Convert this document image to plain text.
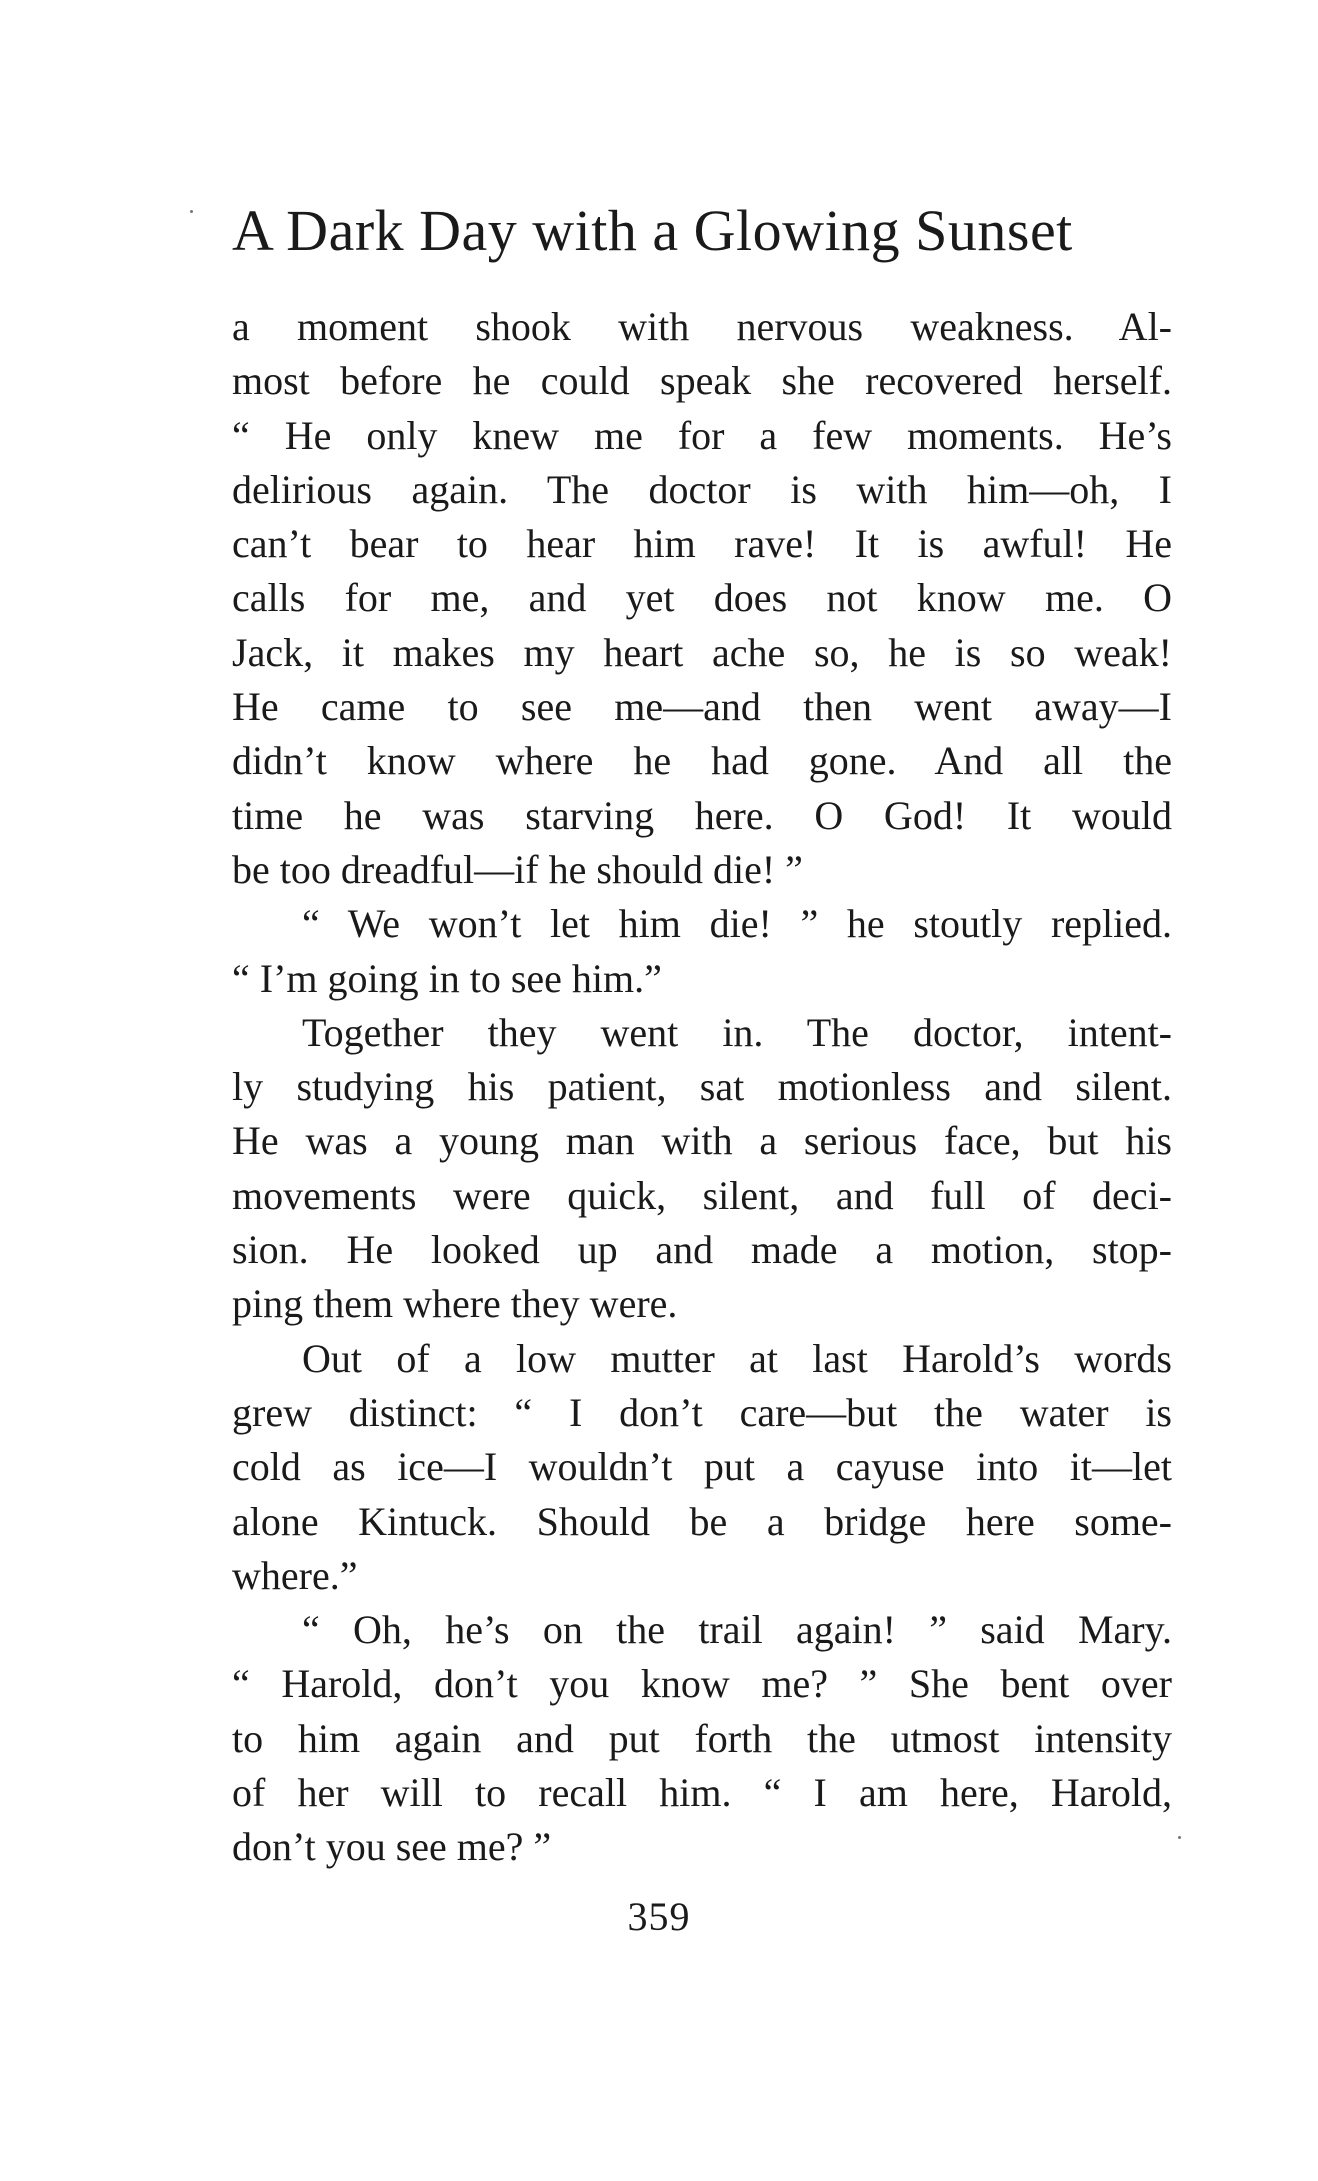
A Dark Day with a Glowing Sunset
a moment shook with nervous weakness. Al-
most before he could speak she recovered herself.
“ He only knew me for a few moments. He’s
delirious again. The doctor is with him—oh, I
can’t bear to hear him rave! It is awful! He
calls for me, and yet does not know me. O
Jack, it makes my heart ache so, he is so weak!
He came to see me—and then went away—I
didn’t know where he had gone. And all the
time he was starving here. O God! It would
be too dreadful—if he should die! ”
“ We won’t let him die! ” he stoutly replied.
“ I’m going in to see him.”
Together they went in. The doctor, intent-
ly studying his patient, sat motionless and silent.
He was a young man with a serious face, but his
movements were quick, silent, and full of deci-
sion. He looked up and made a motion, stop-
ping them where they were.
Out of a low mutter at last Harold’s words
grew distinct: “ I don’t care—but the water is
cold as ice—I wouldn’t put a cayuse into it—let
alone Kintuck. Should be a bridge here some-
where.”
“ Oh, he’s on the trail again! ” said Mary.
“ Harold, don’t you know me? ” She bent over
to him again and put forth the utmost intensity
of her will to recall him. “ I am here, Harold,
don’t you see me? ”
359
